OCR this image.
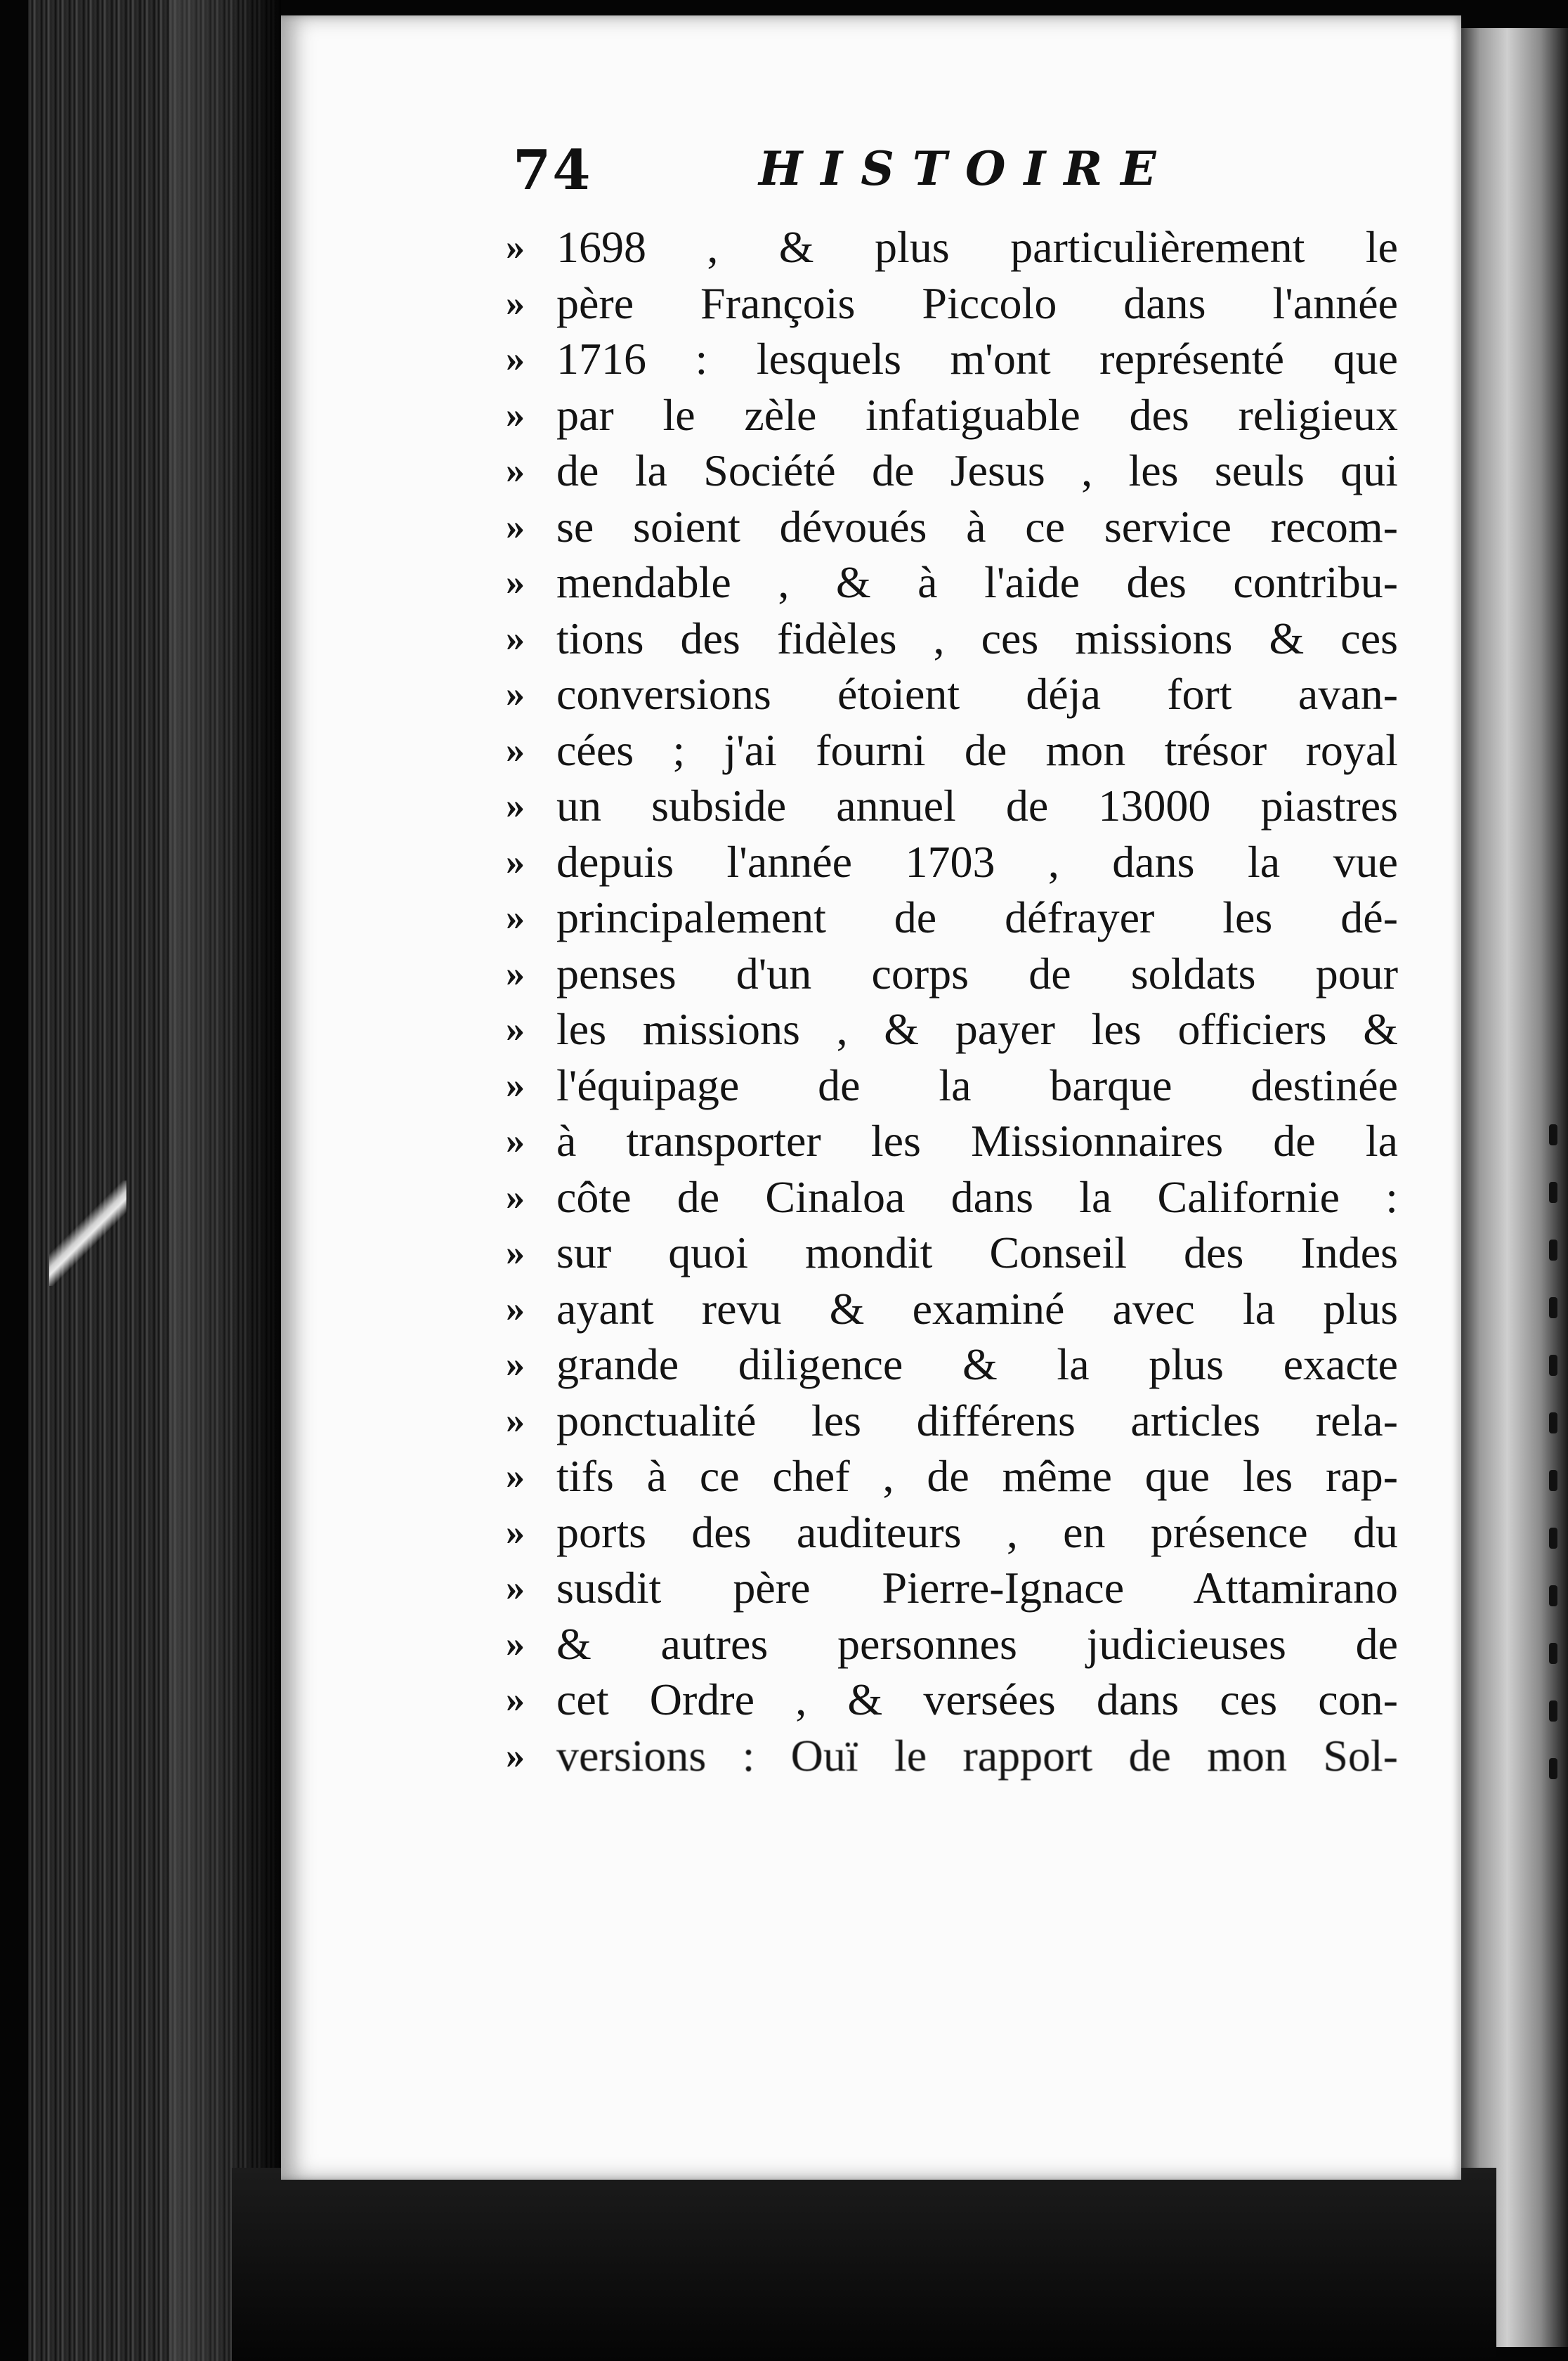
74	HISTOIRE
» 1698 , & plus particulièrement le
» père François Piccolo dans l'année
» 1716 : lesquels m'ont représenté que
» par le zèle infatiguable des religieux
» de la Société de Jesus , les seuls qui
» se soient dévoués à ce service recom-
» mendable , & à l'aide des contribu-
» tions des fidèles , ces missions & ces
» conversions étoient déja fort avan-
» cées ; j'ai fourni de mon trésor royal
» un subside annuel de 13000 piastres
» depuis l'année 1703 , dans la vue
» principalement de défrayer les dé-
» penses d'un corps de soldats pour
» les missions , & payer les officiers &
» l'équipage de la barque destinée
» à transporter les Missionnaires de la
» côte de Cinaloa dans la Californie :
» sur quoi mondit Conseil des Indes
» ayant revu & examiné avec la plus
» grande diligence & la plus exacte
» ponctualité les différens articles rela-
» tifs à ce chef , de même que les rap-
» ports des auditeurs , en présence du
» susdit père Pierre-Ignace Attamirano
» & autres personnes judicieuses de
» cet Ordre , & versées dans ces con-
» versions : Ouï le rapport de mon Sol-
